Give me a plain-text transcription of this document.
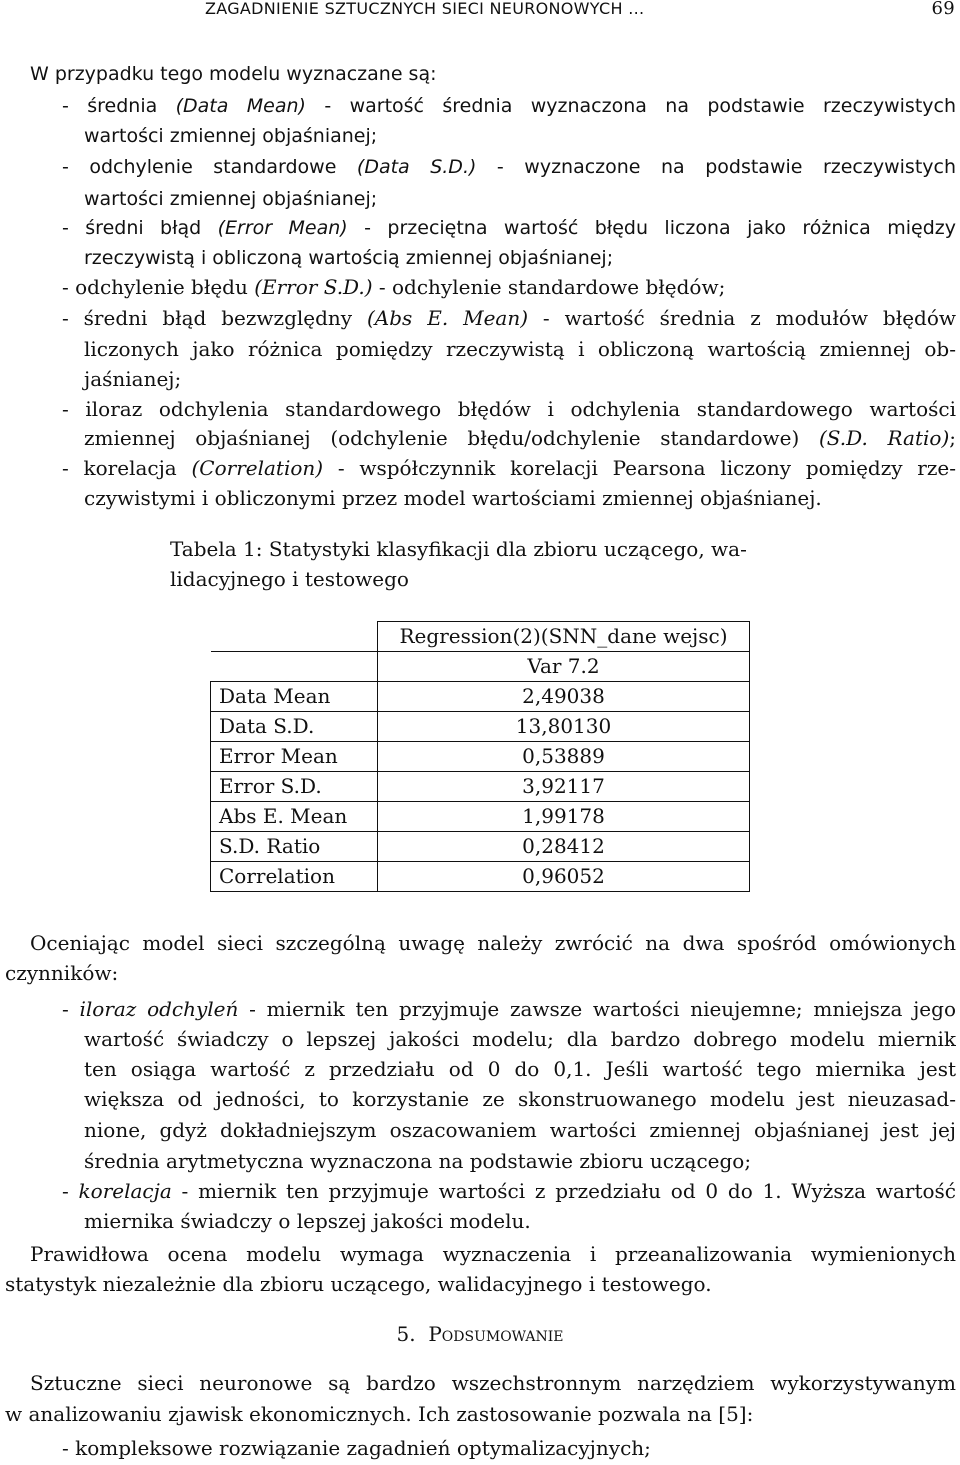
ZAGADNIENIE SZTUCZNYCH SIECI NEURONOWYCH ...	69
W przypadku tego modelu wyznaczane są:
- średnia (Data Mean) - wartość średnia wyznaczona na podstawie rzeczywistych
wartości zmiennej objaśnianej;
- odchylenie standardowe (Data S.D.) - wyznaczone na podstawie rzeczywistych
wartości zmiennej objaśnianej;
- średni błąd (Error Mean) - przeciętna wartość błędu liczona jako różnica między
rzeczywistą i obliczoną wartością zmiennej objaśnianej;
- odchylenie błędu (Error S.D.) - odchylenie standardowe błędów;
- średni błąd bezwzględny (Abs E. Mean) - wartość średnia z modułów błędów
liczonych jako różnica pomiędzy rzeczywistą i obliczoną wartością zmiennej ob-
jaśnianej;
- iloraz odchylenia standardowego błędów i odchylenia standardowego wartości
zmiennej objaśnianej (odchylenie błędu/odchylenie standardowe) (S.D. Ratio);
- korelacja (Correlation) - współczynnik korelacji Pearsona liczony pomiędzy rze-
czywistymi i obliczonymi przez model wartościami zmiennej objaśnianej.
Tabela 1: Statystyki klasyfikacji dla zbioru uczącego, wa-
lidacyjnego i testowego
Oceniając model sieci szczególną uwagę należy zwrócić na dwa spośród omówionych
czynników:
- iloraz odchyleń - miernik ten przyjmuje zawsze wartości nieujemne; mniejsza jego
wartość świadczy o lepszej jakości modelu; dla bardzo dobrego modelu miernik
ten osiąga wartość z przedziału od 0 do 0,1. Jeśli wartość tego miernika jest
większa od jedności, to korzystanie ze skonstruowanego modelu jest nieuzasad-
nione, gdyż dokładniejszym oszacowaniem wartości zmiennej objaśnianej jest jej
średnia arytmetyczna wyznaczona na podstawie zbioru uczącego;
- korelacja - miernik ten przyjmuje wartości z przedziału od 0 do 1. Wyższa wartość
miernika świadczy o lepszej jakości modelu.
Prawidłowa ocena modelu wymaga wyznaczenia i przeanalizowania wymienionych
statystyk niezależnie dla zbioru uczącego, walidacyjnego i testowego.
Sztuczne sieci neuronowe są bardzo wszechstronnym narzędziem wykorzystywanym
w analizowaniu zjawisk ekonomicznych. Ich zastosowanie pozwala na [5]:
- kompleksowe rozwiązanie zagadnień optymalizacyjnych;
	Regression(2)(SNN_dane wejsc)
	Var 7.2
Data Mean	2,49038
Data S.D.	13,80130
Error Mean	0,53889
Error S.D.	3,92117
Abs E. Mean	1,99178
S.D. Ratio	0,28412
Correlation	0,96052
5. Podsumowanie
